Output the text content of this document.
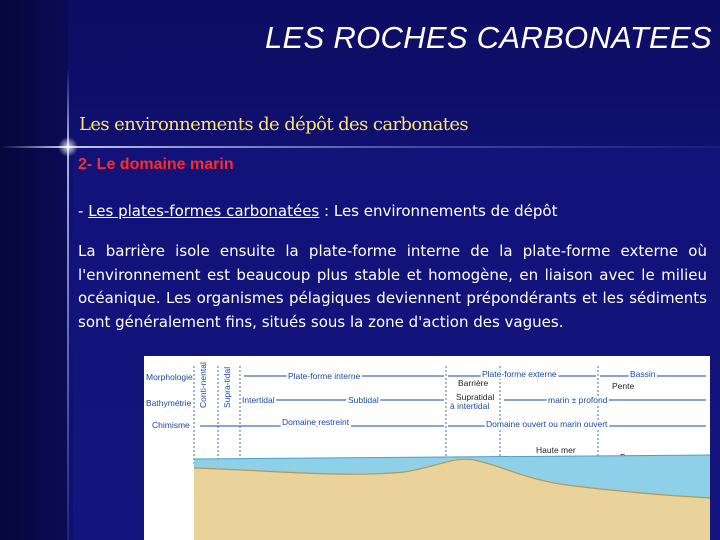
LES ROCHES CARBONATEES
Les environnements de dépôt des carbonates
2- Le domaine marin
- Les plates-formes carbonatées : Les environnements de dépôt
La barrière isole ensuite la plate-forme interne de la plate-forme externe où l'environnement est beaucoup plus stable et homogène, en liaison avec le milieu océanique. Les organismes pélagiques deviennent prépondérants et les sédiments sont généralement fins, situés sous la zone d'action des vagues.
Morphologie
Bathymétrie
Chimisme
Conti-nental Supra-tidal	Plate-forme interne
Barrière
Plate-forme externe	Bassin
Pente
Intertidal	Subtidal	Supratidal
à intertidal
marin ± profond
Domaine restreint	Domaine ouvert ou marin ouvert
Haute mer
